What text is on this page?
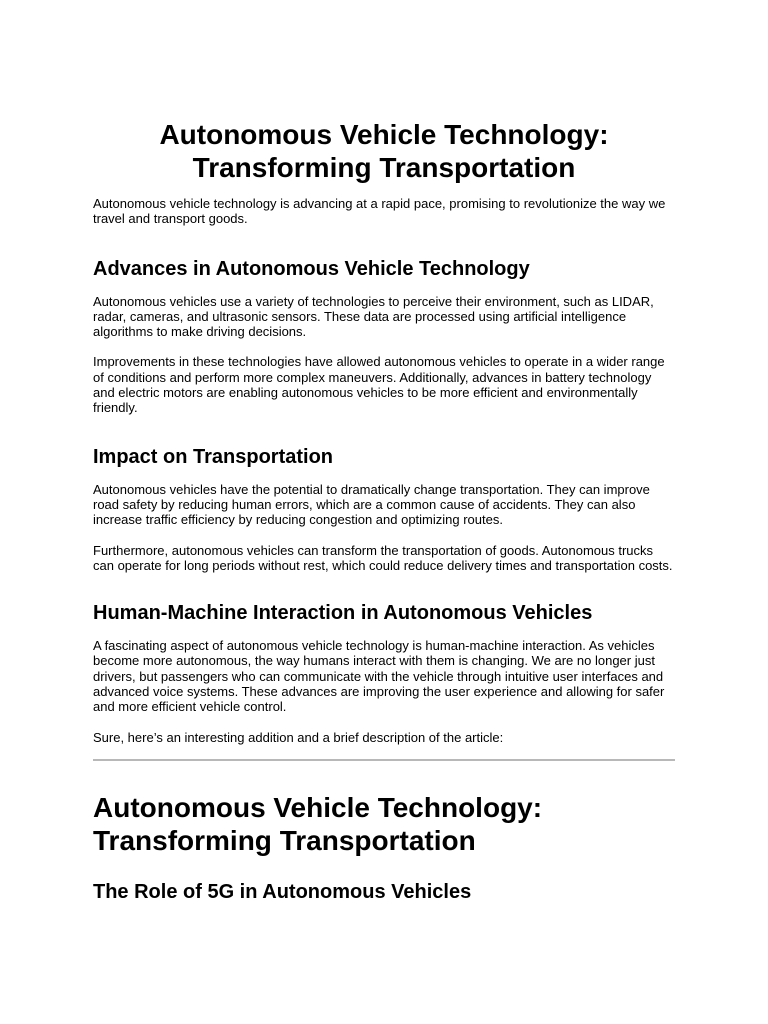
Autonomous Vehicle Technology: Transforming Transportation

Autonomous vehicle technology is advancing at a rapid pace, promising to revolutionize the way we travel and transport goods.

Advances in Autonomous Vehicle Technology

Autonomous vehicles use a variety of technologies to perceive their environment, such as LIDAR, radar, cameras, and ultrasonic sensors. These data are processed using artificial intelligence algorithms to make driving decisions.

Improvements in these technologies have allowed autonomous vehicles to operate in a wider range of conditions and perform more complex maneuvers. Additionally, advances in battery technology and electric motors are enabling autonomous vehicles to be more efficient and environmentally friendly.

Impact on Transportation

Autonomous vehicles have the potential to dramatically change transportation. They can improve road safety by reducing human errors, which are a common cause of accidents. They can also increase traffic efficiency by reducing congestion and optimizing routes.

Furthermore, autonomous vehicles can transform the transportation of goods. Autonomous trucks can operate for long periods without rest, which could reduce delivery times and transportation costs.

Human-Machine Interaction in Autonomous Vehicles

A fascinating aspect of autonomous vehicle technology is human-machine interaction. As vehicles become more autonomous, the way humans interact with them is changing. We are no longer just drivers, but passengers who can communicate with the vehicle through intuitive user interfaces and advanced voice systems. These advances are improving the user experience and allowing for safer and more efficient vehicle control.

Sure, here’s an interesting addition and a brief description of the article:

Autonomous Vehicle Technology: Transforming Transportation
The Role of 5G in Autonomous Vehicles
